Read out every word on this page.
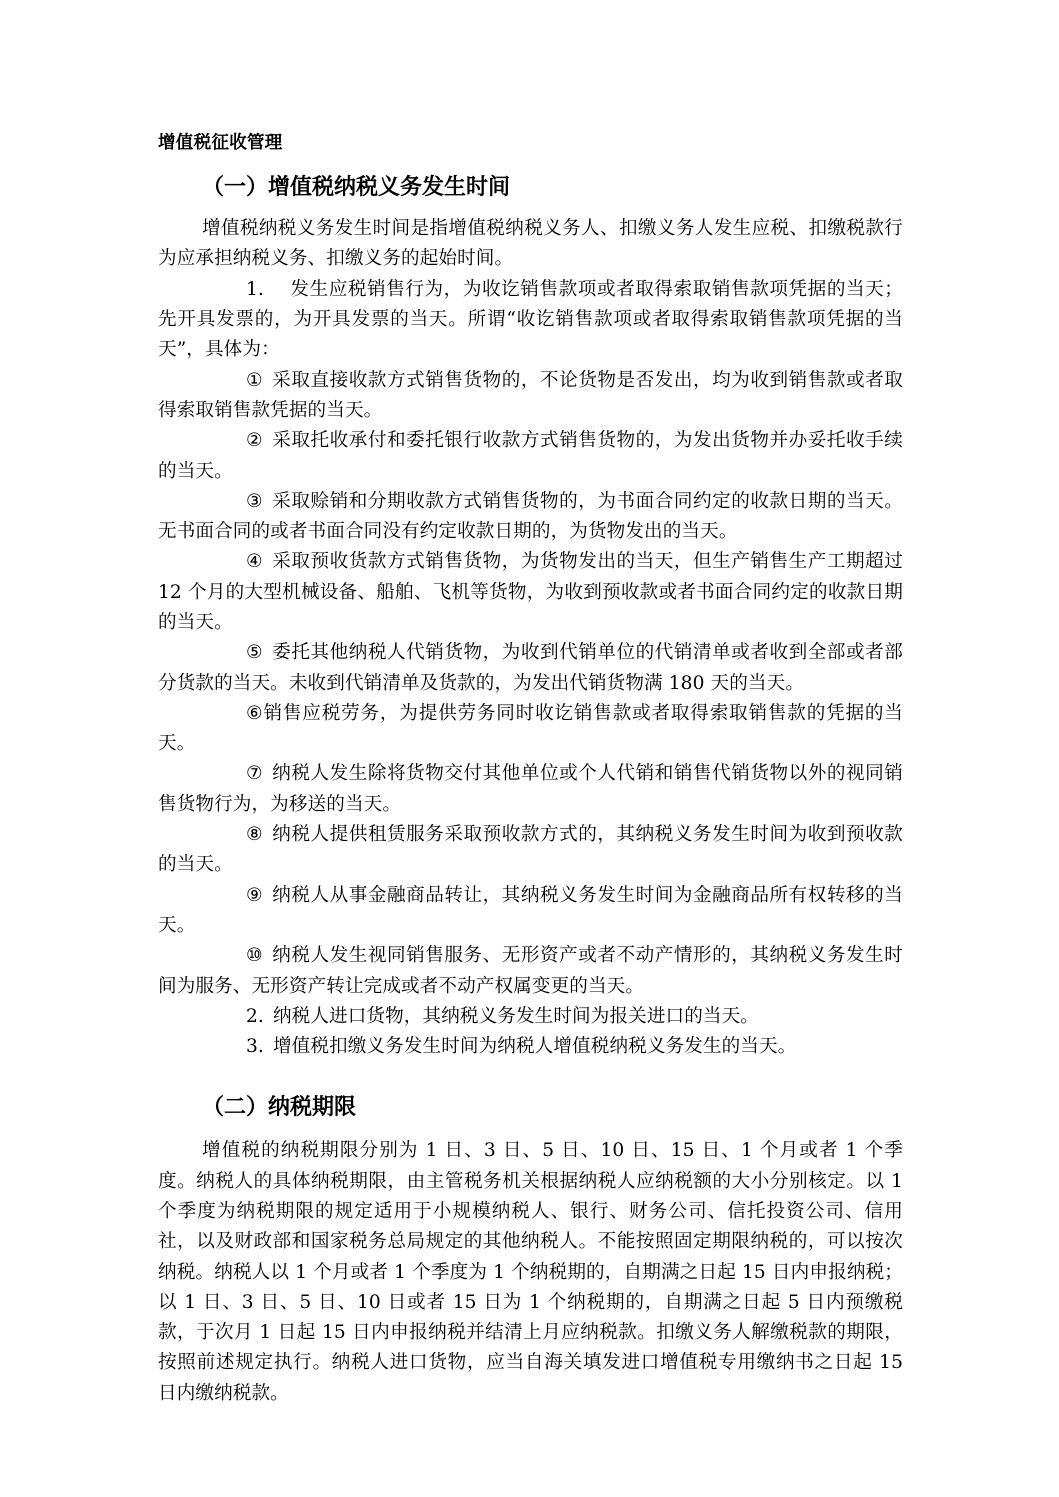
增值税征收管理
（一）增值税纳税义务发生时间

增值税纳税义务发生时间是指增值税纳税义务人、扣缴义务人发生应税、扣缴税款行为应承担纳税义务、扣缴义务的起始时间。

1. 发生应税销售行为，为收讫销售款项或者取得索取销售款项凭据的当天；先开具发票的，为开具发票的当天。所谓“收讫销售款项或者取得索取销售款项凭据的当天”，具体为：

① 采取直接收款方式销售货物的，不论货物是否发出，均为收到销售款或者取得索取销售款凭据的当天。

② 采取托收承付和委托银行收款方式销售货物的，为发出货物并办妥托收手续的当天。

③ 采取赊销和分期收款方式销售货物的，为书面合同约定的收款日期的当天。无书面合同的或者书面合同没有约定收款日期的，为货物发出的当天。

④ 采取预收货款方式销售货物，为货物发出的当天，但生产销售生产工期超过 12 个月的大型机械设备、船舶、飞机等货物，为收到预收款或者书面合同约定的收款日期的当天。

⑤ 委托其他纳税人代销货物，为收到代销单位的代销清单或者收到全部或者部分货款的当天。未收到代销清单及货款的，为发出代销货物满 180 天的当天。

⑥销售应税劳务，为提供劳务同时收讫销售款或者取得索取销售款的凭据的当天。

⑦ 纳税人发生除将货物交付其他单位或个人代销和销售代销货物以外的视同销售货物行为，为移送的当天。

⑧ 纳税人提供租赁服务采取预收款方式的，其纳税义务发生时间为收到预收款的当天。

⑨ 纳税人从事金融商品转让，其纳税义务发生时间为金融商品所有权转移的当天。

⑩ 纳税人发生视同销售服务、无形资产或者不动产情形的，其纳税义务发生时间为服务、无形资产转让完成或者不动产权属变更的当天。

2. 纳税人进口货物，其纳税义务发生时间为报关进口的当天。

3. 增值税扣缴义务发生时间为纳税人增值税纳税义务发生的当天。

（二）纳税期限

增值税的纳税期限分别为 1 日、3 日、5 日、10 日、15 日、1 个月或者 1 个季度。纳税人的具体纳税期限，由主管税务机关根据纳税人应纳税额的大小分别核定。以 1 个季度为纳税期限的规定适用于小规模纳税人、银行、财务公司、信托投资公司、信用社，以及财政部和国家税务总局规定的其他纳税人。不能按照固定期限纳税的，可以按次纳税。纳税人以 1 个月或者 1 个季度为 1 个纳税期的，自期满之日起 15 日内申报纳税；以 1 日、3 日、5 日、10 日或者 15 日为 1 个纳税期的，自期满之日起 5 日内预缴税款，于次月 1 日起 15 日内申报纳税并结清上月应纳税款。扣缴义务人解缴税款的期限，按照前述规定执行。纳税人进口货物，应当自海关填发进口增值税专用缴纳书之日起 15 日内缴纳税款。
